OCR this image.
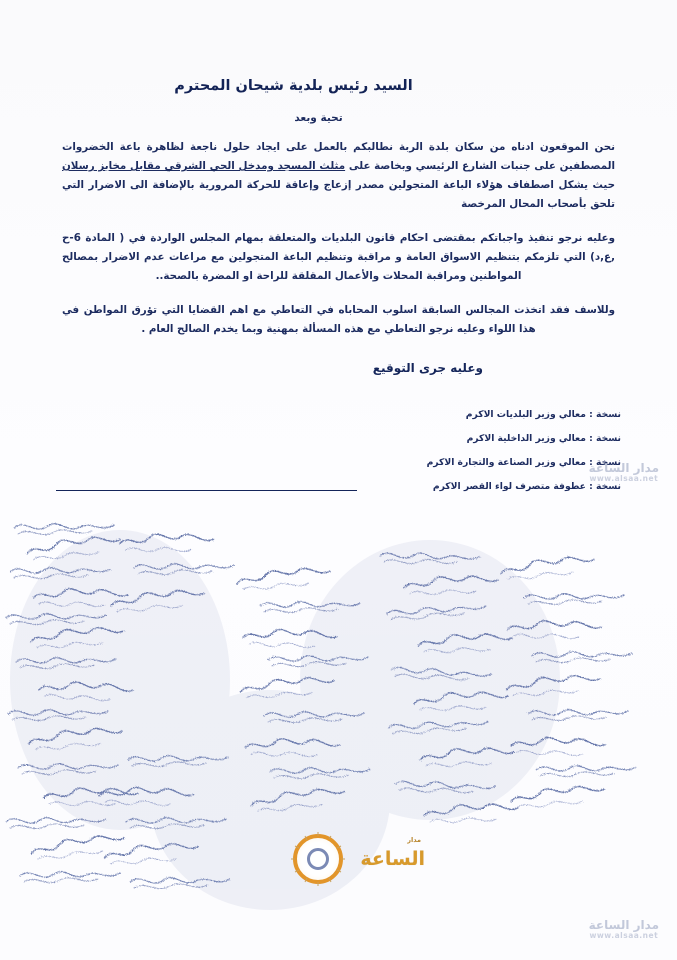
السيد رئيس بلدية شيحان المحترم
تحية وبعد

نحن الموقعون ادناه من سكان بلدة الربة نطالبكم بالعمل على ايجاد حلول ناجعة لظاهرة باعة الخضروات المصطفين على جنبات الشارع الرئيسي وبخاصة على مثلث المسجد ومدخل الحي الشرقي مقابل مخابز رسلان حيث يشكل اصطفاف هؤلاء الباعة المتجولين مصدر إزعاج وإعاقة للحركة المرورية بالإضافة الى الاضرار التي تلحق بأصحاب المحال المرخصة

وعليه نرجو تنفيذ واجباتكم بمقتضى احكام قانون البلديات والمتعلقة بمهام المجلس الواردة في ( المادة 6-ح ,ع,د) التي تلزمكم بتنظيم الاسواق العامة و مراقبة وتنظيم الباعة المتجولين مع مراعات عدم الاضرار بمصالح المواطنين ومراقبة المحلات والأعمال المقلقة للراحة او المضرة بالصحة..

وللاسف فقد اتخذت المجالس السابقة اسلوب المحاباه في التعاطي مع اهم القضايا التي تؤرق المواطن في هذا اللواء وعليه نرجو التعاطي مع هذه المسألة بمهنية وبما يخدم الصالح العام .

وعليه جرى التوقيع
نسخة : معالي وزير البلديات الاكرم
نسخة : معالي وزير الداخلية الاكرم
نسخة : معالي وزير الصناعة والتجارة الاكرم
نسخة : عطوفة متصرف لواء القصر الاكرم
مدار الساعة
www.alsaa.net
مدار الساعة
www.alsaa.net
مدار
الساعة
